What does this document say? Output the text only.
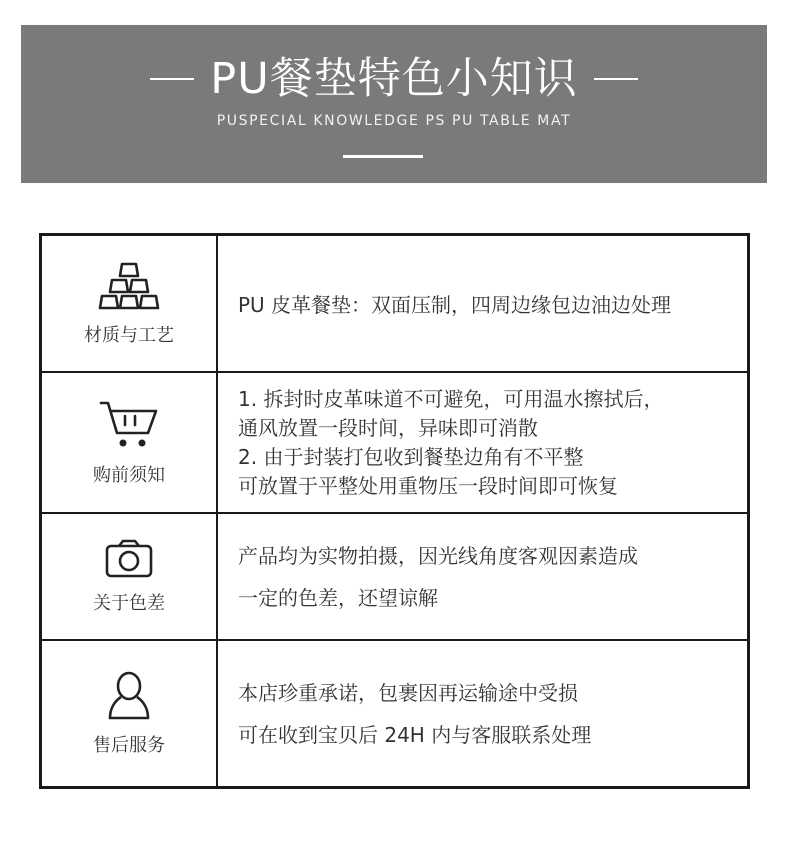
PU餐垫特色小知识
PUSPECIAL KNOWLEDGE PS PU TABLE MAT
材质与工艺
PU 皮革餐垫：双面压制，四周边缘包边油边处理
购前须知
1. 拆封时皮革味道不可避免，可用温水擦拭后，
通风放置一段时间，异味即可消散
2. 由于封装打包收到餐垫边角有不平整
可放置于平整处用重物压一段时间即可恢复
关于色差
产品均为实物拍摄，因光线角度客观因素造成
一定的色差，还望谅解
售后服务
本店珍重承诺，包裹因再运输途中受损
可在收到宝贝后 24H 内与客服联系处理
